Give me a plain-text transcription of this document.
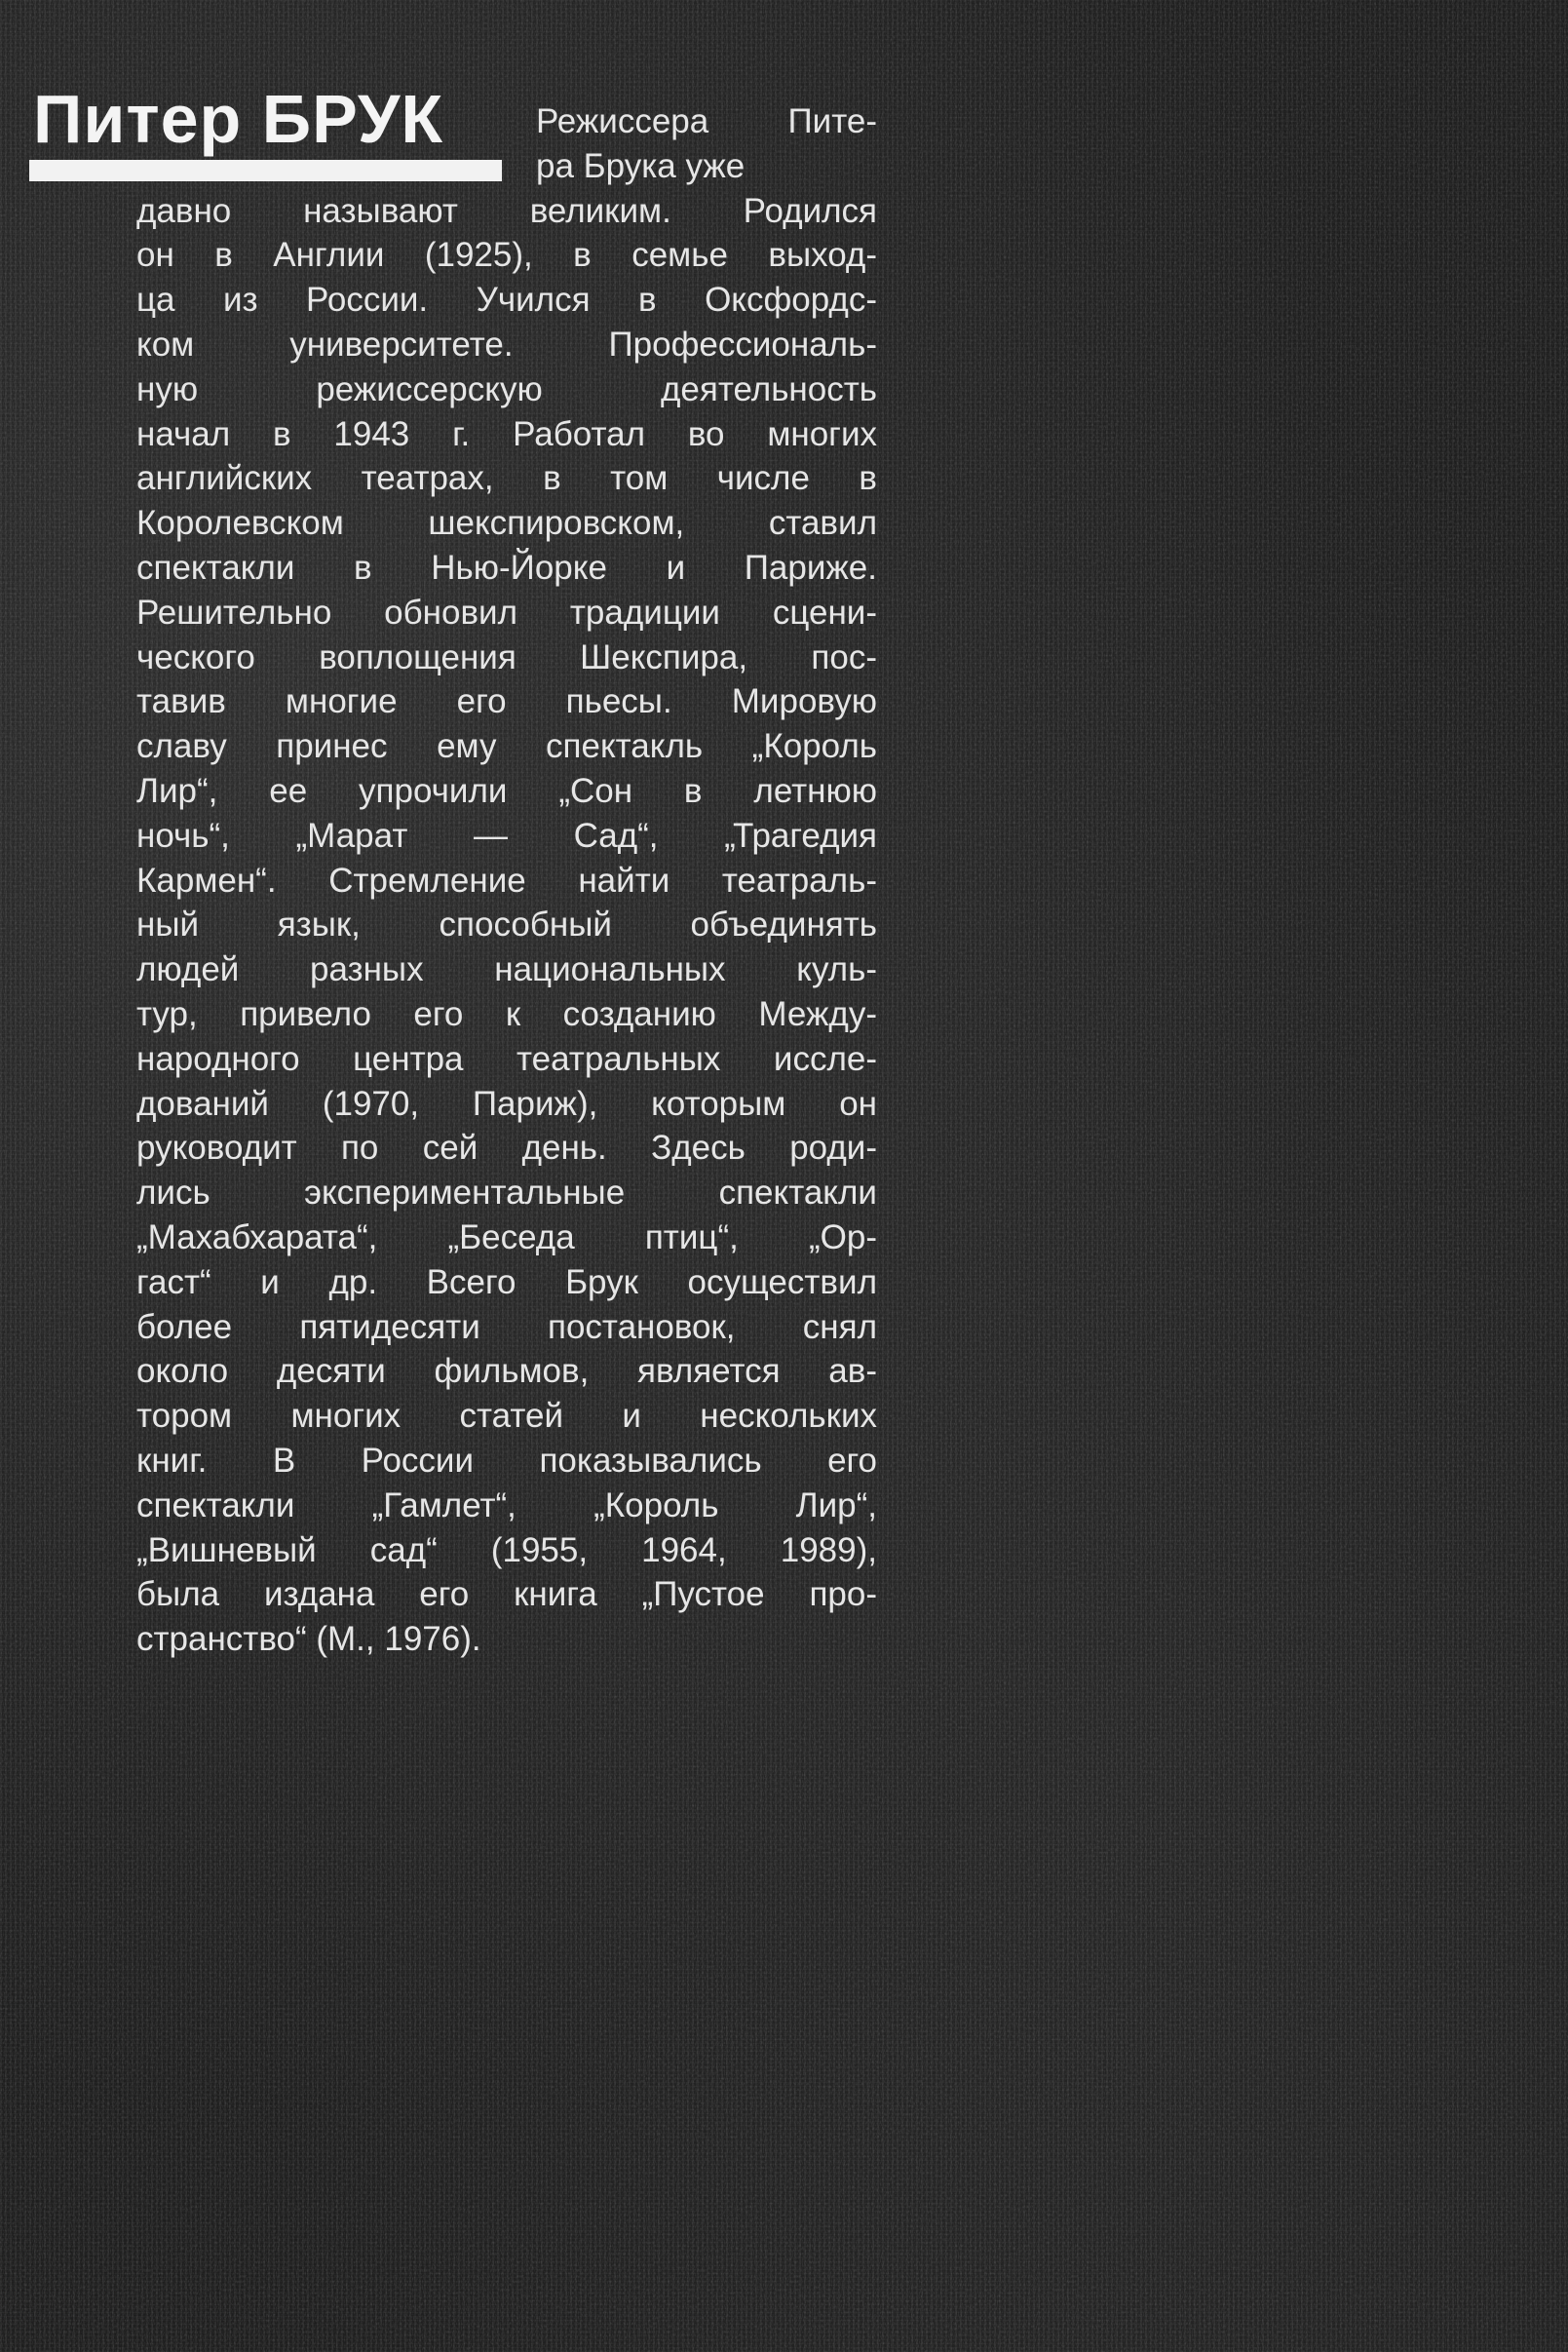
Питер БРУК	Режиссера Пите-
ра Брука уже
давно называют великим. Родился
он в Англии (1925), в семье выход-
ца из России. Учился в Оксфордс-
ком университете. Профессиональ-
ную режиссерскую деятельность
начал в 1943 г. Работал во многих
английских театрах, в том числе в
Королевском шекспировском, ставил
спектакли в Нью-Йорке и Париже.
Решительно обновил традиции сцени-
ческого воплощения Шекспира, пос-
тавив многие его пьесы. Мировую
славу принес ему спектакль „Король
Лир“, ее упрочили „Сон в летнюю
ночь“, „Марат — Сад“, „Трагедия
Кармен“. Стремление найти театраль-
ный язык, способный объединять
людей разных национальных куль-
тур, привело его к созданию Между-
народного центра театральных иссле-
дований (1970, Париж), которым он
руководит по сей день. Здесь роди-
лись экспериментальные спектакли
„Махабхарата“, „Беседа птиц“, „Ор-
гаст“ и др. Всего Брук осуществил
более пятидесяти постановок, снял
около десяти фильмов, является ав-
тором многих статей и нескольких
книг. В России показывались его
спектакли „Гамлет“, „Король Лир“,
„Вишневый сад“ (1955, 1964, 1989),
была издана его книга „Пустое про-
странство“ (М., 1976).
